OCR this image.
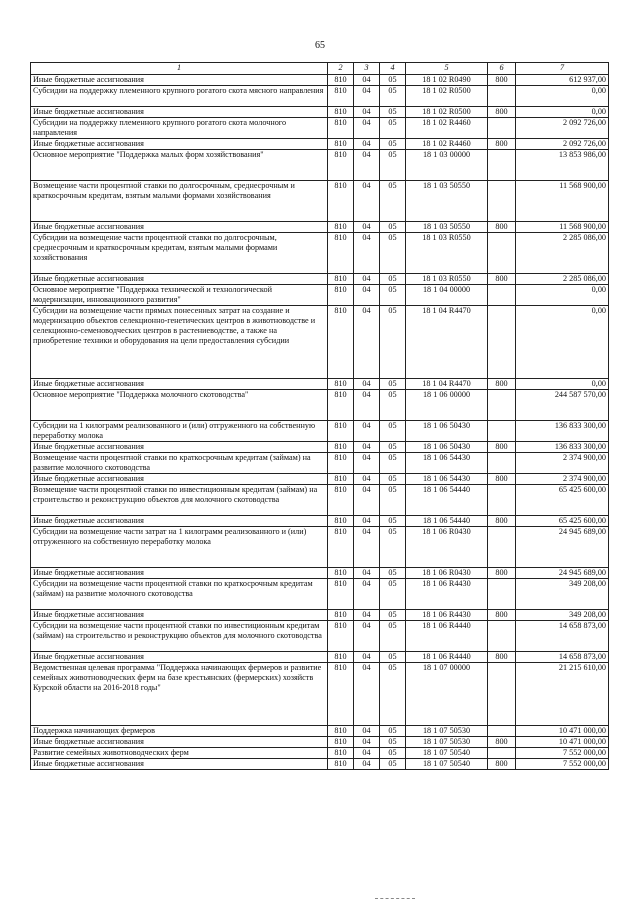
65
1	2	3	4	5	6	7
Иные бюджетные ассигнования	810	04	05	18 1 02 R0490	800	612 937,00
Субсидии на поддержку племенного крупного рогатого скота мясного направления	810	04	05	18 1 02 R0500		0,00
Иные бюджетные ассигнования	810	04	05	18 1 02 R0500	800	0,00
Субсидии на поддержку племенного крупного рогатого скота молочного направления	810	04	05	18 1 02 R4460		2 092 726,00
Иные бюджетные ассигнования	810	04	05	18 1 02 R4460	800	2 092 726,00
Основное мероприятие "Поддержка малых форм хозяйствования"	810	04	05	18 1 03 00000		13 853 986,00
Возмещение части процентной ставки по долгосрочным, среднесрочным и краткосрочным кредитам, взятым малыми формами хозяйствования	810	04	05	18 1 03 50550		11 568 900,00
Иные бюджетные ассигнования	810	04	05	18 1 03 50550	800	11 568 900,00
Субсидии на возмещение части процентной ставки по долгосрочным, среднесрочным и краткосрочным кредитам, взятым малыми формами хозяйствования	810	04	05	18 1 03 R0550		2 285 086,00
Иные бюджетные ассигнования	810	04	05	18 1 03 R0550	800	2 285 086,00
Основное мероприятие "Поддержка технической и технологической модернизации, инновационного развития"	810	04	05	18 1 04 00000		0,00
Субсидии на возмещение части прямых понесенных затрат на создание и модернизацию объектов селекционно-генетических центров в животноводстве и селекционно-семеноводческих центров в растениеводстве, а также на приобретение техники и оборудования на цели предоставления субсидии	810	04	05	18 1 04 R4470		0,00
Иные бюджетные ассигнования	810	04	05	18 1 04 R4470	800	0,00
Основное мероприятие "Поддержка молочного скотоводства"	810	04	05	18 1 06 00000		244 587 570,00
Субсидии на 1 килограмм реализованного и (или) отгруженного на собственную переработку молока	810	04	05	18 1 06 50430		136 833 300,00
Иные бюджетные ассигнования	810	04	05	18 1 06 50430	800	136 833 300,00
Возмещение части процентной ставки по краткосрочным кредитам (займам) на развитие молочного скотоводства	810	04	05	18 1 06 54430		2 374 900,00
Иные бюджетные ассигнования	810	04	05	18 1 06 54430	800	2 374 900,00
Возмещение части процентной ставки по инвестиционным кредитам (займам) на строительство и реконструкцию объектов для молочного скотоводства	810	04	05	18 1 06 54440		65 425 600,00
Иные бюджетные ассигнования	810	04	05	18 1 06 54440	800	65 425 600,00
Субсидии на возмещение части затрат на 1 килограмм реализованного и (или) отгруженного на собственную переработку молока	810	04	05	18 1 06 R0430		24 945 689,00
Иные бюджетные ассигнования	810	04	05	18 1 06 R0430	800	24 945 689,00
Субсидии на возмещение части процентной ставки по краткосрочным кредитам (займам) на развитие молочного скотоводства	810	04	05	18 1 06 R4430		349 208,00
Иные бюджетные ассигнования	810	04	05	18 1 06 R4430	800	349 208,00
Субсидии на возмещение части процентной ставки по инвестиционным кредитам (займам) на строительство и реконструкцию объектов для молочного скотоводства	810	04	05	18 1 06 R4440		14 658 873,00
Иные бюджетные ассигнования	810	04	05	18 1 06 R4440	800	14 658 873,00
Ведомственная целевая программа "Поддержка начинающих фермеров и развитие семейных животноводческих ферм на базе крестьянских (фермерских) хозяйств Курской области на 2016-2018 годы"	810	04	05	18 1 07 00000		21 215 610,00
Поддержка начинающих фермеров	810	04	05	18 1 07 50530		10 471 000,00
Иные бюджетные ассигнования	810	04	05	18 1 07 50530	800	10 471 000,00
Развитие семейных животноводческих ферм	810	04	05	18 1 07 50540		7 552 000,00
Иные бюджетные ассигнования	810	04	05	18 1 07 50540	800	7 552 000,00
